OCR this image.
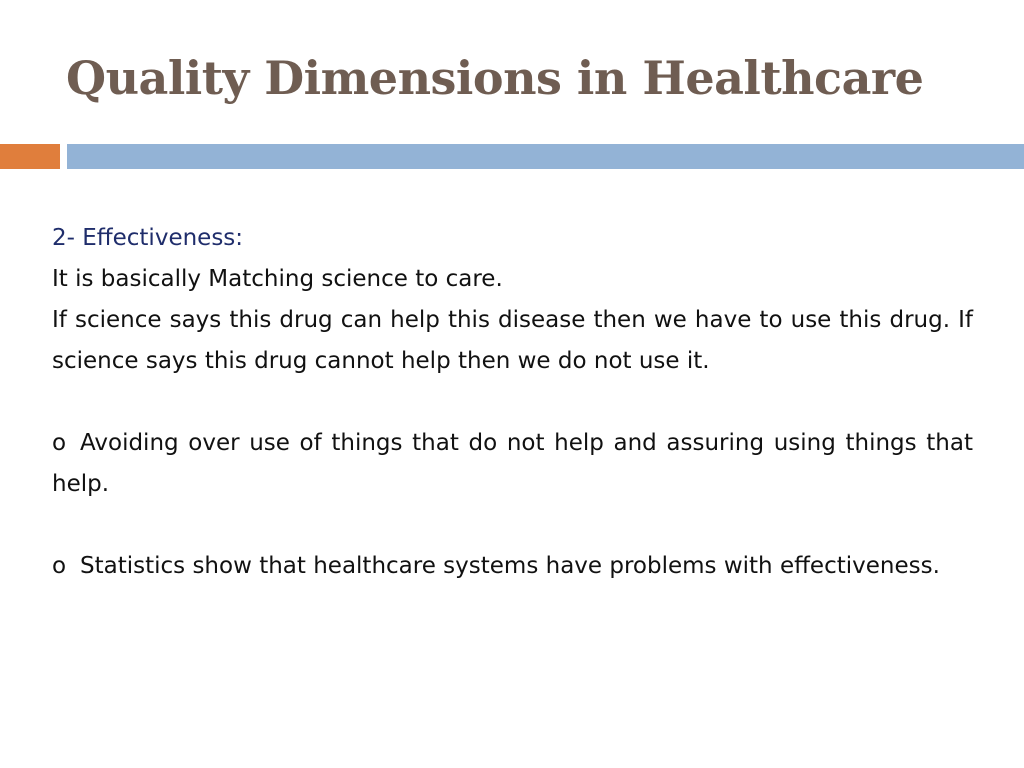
Quality Dimensions in Healthcare

2- Effectiveness:

It is basically Matching science to care.

If science says this drug can help this disease then we have to use this drug. If science says this drug cannot help then we do not use it.

o Avoiding over use of things that do not help and assuring using things that help.

o Statistics show that healthcare systems have problems with effectiveness.
